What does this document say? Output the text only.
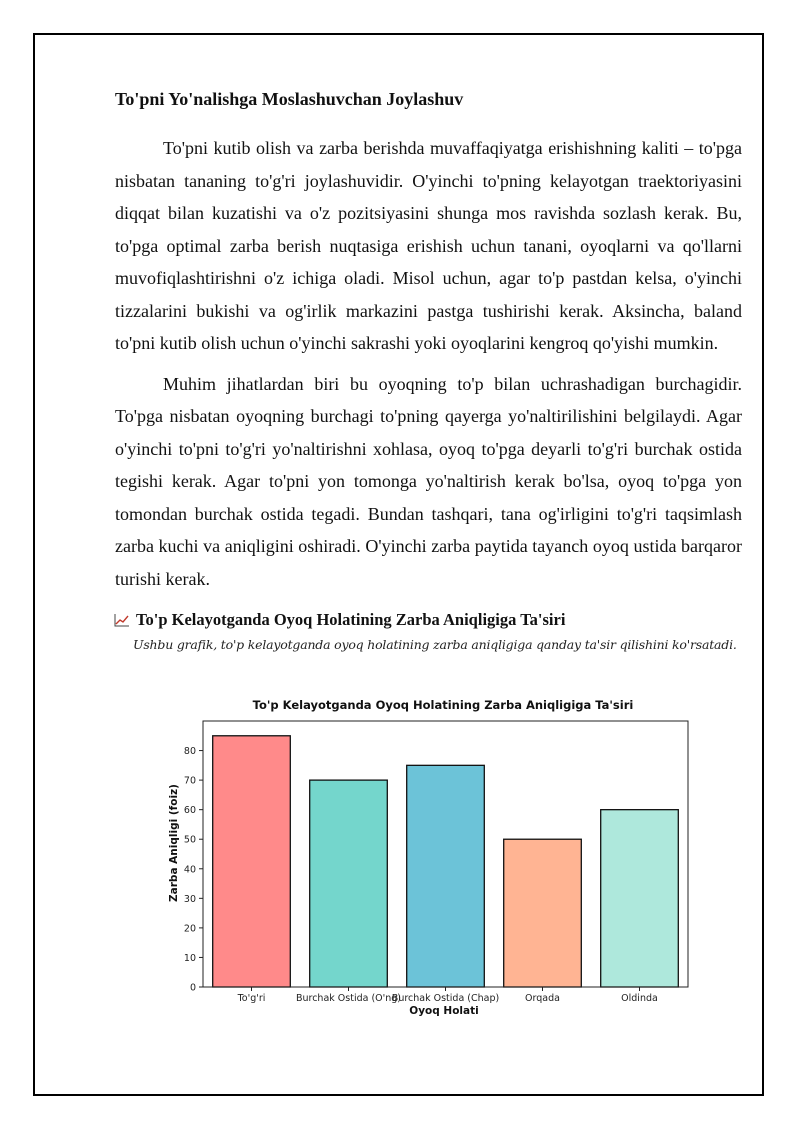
To'pni Yo'nalishga Moslashuvchan Joylashuv

To'pni kutib olish va zarba berishda muvaffaqiyatga erishishning kaliti – to'pga nisbatan tananing to'g'ri joylashuvidir. O'yinchi to'pning kelayotgan traektoriyasini diqqat bilan kuzatishi va o'z pozitsiyasini shunga mos ravishda sozlash kerak. Bu, to'pga optimal zarba berish nuqtasiga erishish uchun tanani, oyoqlarni va qo'llarni muvofiqlashtirishni o'z ichiga oladi. Misol uchun, agar to'p pastdan kelsa, o'yinchi tizzalarini bukishi va og'irlik markazini pastga tushirishi kerak. Aksincha, baland to'pni kutib olish uchun o'yinchi sakrashi yoki oyoqlarini kengroq qo'yishi mumkin.

Muhim jihatlardan biri bu oyoqning to'p bilan uchrashadigan burchagidir. To'pga nisbatan oyoqning burchagi to'pning qayerga yo'naltirilishini belgilaydi. Agar o'yinchi to'pni to'g'ri yo'naltirishni xohlasa, oyoq to'pga deyarli to'g'ri burchak ostida tegishi kerak. Agar to'pni yon tomonga yo'naltirish kerak bo'lsa, oyoq to'pga yon tomondan burchak ostida tegadi. Bundan tashqari, tana og'irligini to'g'ri taqsimlash zarba kuchi va aniqligini oshiradi. O'yinchi zarba paytida tayanch oyoq ustida barqaror turishi kerak.

To'p Kelayotganda Oyoq Holatining Zarba Aniqligiga Ta'siri
Ushbu grafik, to'p kelayotganda oyoq holatining zarba aniqligiga qanday ta'sir qilishini ko'rsatadi.
To'p Kelayotganda Oyoq Holatining Zarba Aniqligiga Ta'siri
Zarba Aniqligi (foiz)
Oyoq Holati
0
10
20
30
40
50
60
70
80
To'g'ri	Burchak Ostida (O'ng)
Burchak Ostida (Chap)	Orqada	Oldinda
